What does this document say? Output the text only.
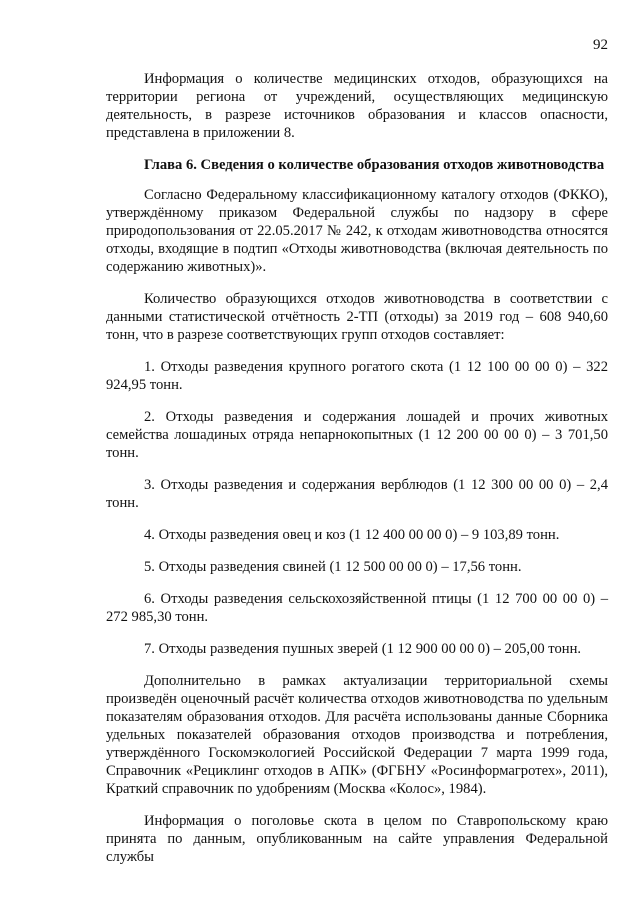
92

Информация о количестве медицинских отходов, образующихся на территории региона от учреждений, осуществляющих медицинскую деятельность, в разрезе источников образования и классов опасности, представлена в приложении 8.

Глава 6. Сведения о количестве образования отходов животноводства

Согласно Федеральному классификационному каталогу отходов (ФККО), утверждённому приказом Федеральной службы по надзору в сфере природопользования от 22.05.2017 № 242, к отходам животноводства относятся отходы, входящие в подтип «Отходы животноводства (включая деятельность по содержанию животных)».

Количество образующихся отходов животноводства в соответствии с данными статистической отчётность 2-ТП (отходы) за 2019 год – 608 940,60 тонн, что в разрезе соответствующих групп отходов составляет:

1. Отходы разведения крупного рогатого скота (1 12 100 00 00 0) – 322 924,95 тонн.

2. Отходы разведения и содержания лошадей и прочих животных семейства лошадиных отряда непарнокопытных (1 12 200 00 00 0) – 3 701,50 тонн.

3. Отходы разведения и содержания верблюдов (1 12 300 00 00 0) – 2,4 тонн.

4. Отходы разведения овец и коз (1 12 400 00 00 0) – 9 103,89 тонн.

5. Отходы разведения свиней (1 12 500 00 00 0) – 17,56 тонн.

6. Отходы разведения сельскохозяйственной птицы (1 12 700 00 00 0) – 272 985,30 тонн.

7. Отходы разведения пушных зверей (1 12 900 00 00 0) – 205,00 тонн.

Дополнительно в рамках актуализации территориальной схемы произведён оценочный расчёт количества отходов животноводства по удельным показателям образования отходов. Для расчёта использованы данные Сборника удельных показателей образования отходов производства и потребления, утверждённого Госкомэкологией Российской Федерации 7 марта 1999 года, Справочник «Рециклинг отходов в АПК» (ФГБНУ «Росинформагротех», 2011), Краткий справочник по удобрениям (Москва «Колос», 1984).

Информация о поголовье скота в целом по Ставропольскому краю принята по данным, опубликованным на сайте управления Федеральной службы
